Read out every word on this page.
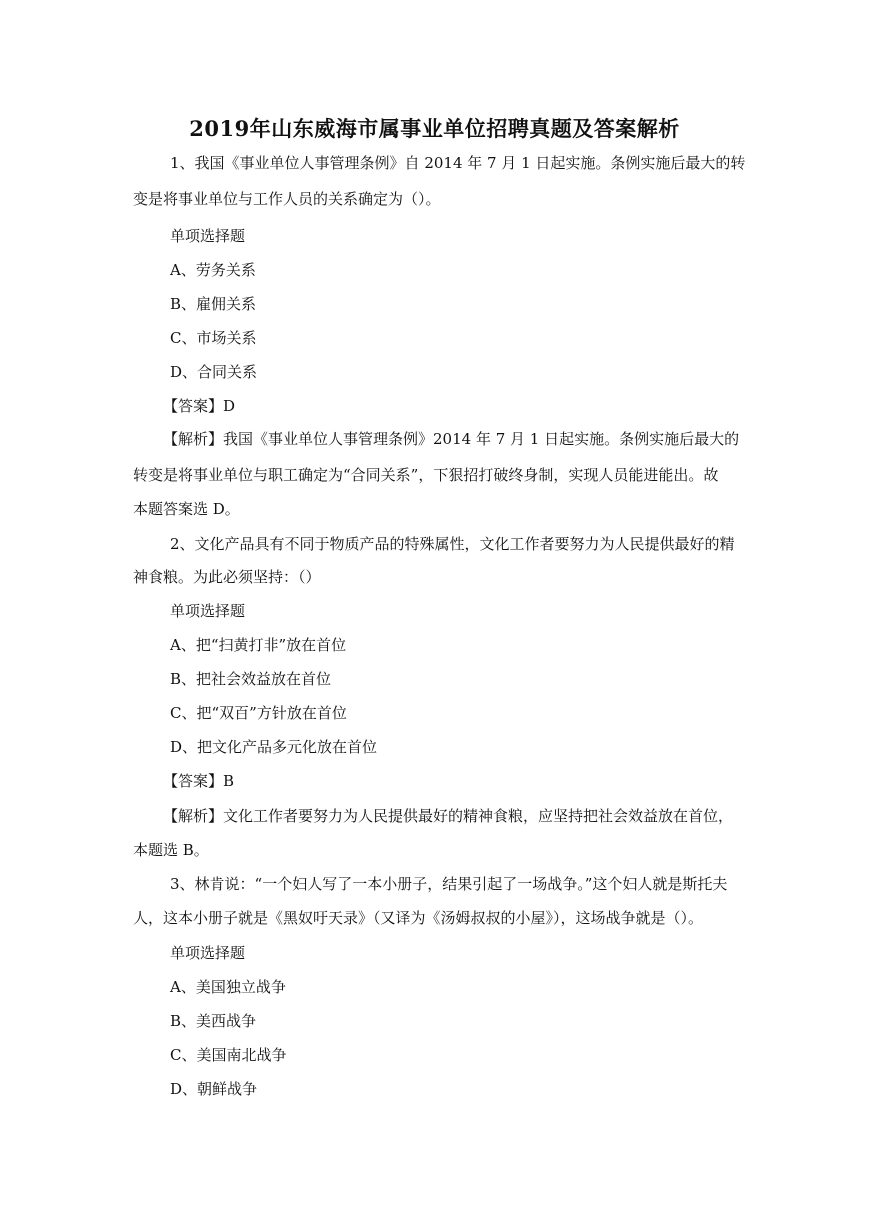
2019年山东威海市属事业单位招聘真题及答案解析

1、我国《事业单位人事管理条例》自 2014 年 7 月 1 日起实施。条例实施后最大的转

变是将事业单位与工作人员的关系确定为（）。

单项选择题

A、劳务关系

B、雇佣关系

C、市场关系

D、合同关系

【答案】D

【解析】我国《事业单位人事管理条例》2014 年 7 月 1 日起实施。条例实施后最大的

转变是将事业单位与职工确定为“合同关系”，下狠招打破终身制，实现人员能进能出。故

本题答案选 D。

2、文化产品具有不同于物质产品的特殊属性，文化工作者要努力为人民提供最好的精

神食粮。为此必须坚持：（）

单项选择题

A、把“扫黄打非”放在首位

B、把社会效益放在首位

C、把“双百”方针放在首位

D、把文化产品多元化放在首位

【答案】B

【解析】文化工作者要努力为人民提供最好的精神食粮，应坚持把社会效益放在首位，

本题选 B。

3、林肯说：“一个妇人写了一本小册子，结果引起了一场战争。”这个妇人就是斯托夫

人，这本小册子就是《黑奴吁天录》（又译为《汤姆叔叔的小屋》），这场战争就是（）。

单项选择题

A、美国独立战争

B、美西战争

C、美国南北战争

D、朝鲜战争
